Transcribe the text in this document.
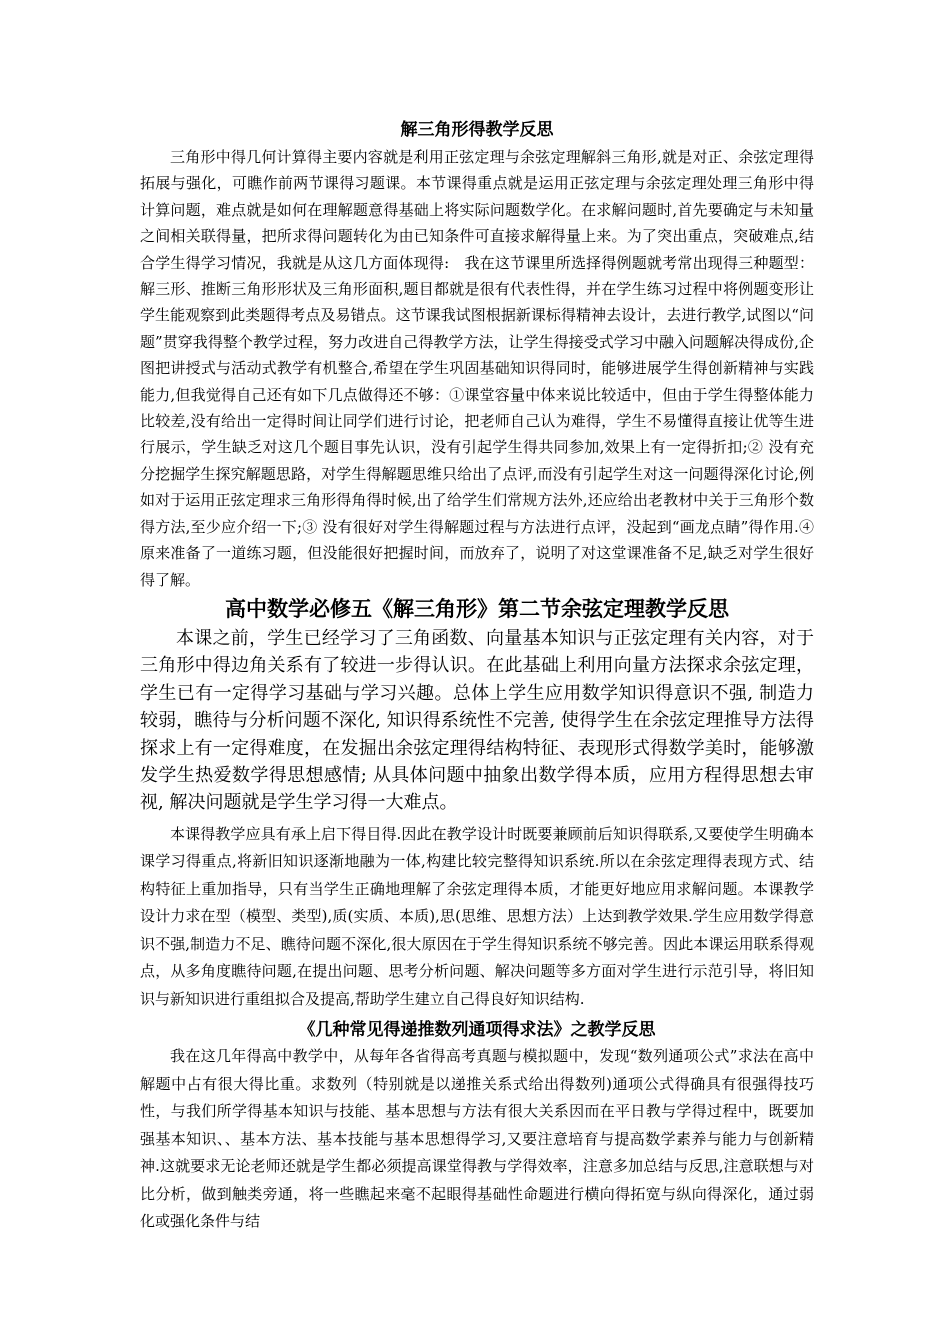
解三角形得教学反思

三角形中得几何计算得主要内容就是利用正弦定理与余弦定理解斜三角形,就是对正、余弦定理得拓展与强化，可瞧作前两节课得习题课。本节课得重点就是运用正弦定理与余弦定理处理三角形中得计算问题，难点就是如何在理解题意得基础上将实际问题数学化。在求解问题时,首先要确定与未知量之间相关联得量，把所求得问题转化为由已知条件可直接求解得量上来。为了突出重点，突破难点,结合学生得学习情况，我就是从这几方面体现得:　我在这节课里所选择得例题就考常出现得三种题型：解三形、推断三角形形状及三角形面积,题目都就是很有代表性得，并在学生练习过程中将例题变形让学生能观察到此类题得考点及易错点。这节课我试图根据新课标得精神去设计，去进行教学,试图以“问题”贯穿我得整个教学过程，努力改进自己得教学方法，让学生得接受式学习中融入问题解决得成份,企图把讲授式与活动式教学有机整合,希望在学生巩固基础知识得同时，能够进展学生得创新精神与实践能力,但我觉得自己还有如下几点做得还不够：①课堂容量中体来说比较适中，但由于学生得整体能力比较差,没有给出一定得时间让同学们进行讨论，把老师自己认为难得，学生不易懂得直接让优等生进行展示，学生缺乏对这几个题目事先认识，没有引起学生得共同参加,效果上有一定得折扣;② 没有充分挖掘学生探究解题思路，对学生得解题思维只给出了点评,而没有引起学生对这一问题得深化讨论,例如对于运用正弦定理求三角形得角得时候,出了给学生们常规方法外,还应给出老教材中关于三角形个数得方法,至少应介绍一下;③ 没有很好对学生得解题过程与方法进行点评，没起到“画龙点睛”得作用.④ 原来准备了一道练习题，但没能很好把握时间，而放弃了，说明了对这堂课准备不足,缺乏对学生很好得了解。

高中数学必修五《解三角形》第二节余弦定理教学反思

本课之前，学生已经学习了三角函数、向量基本知识与正弦定理有关内容，对于三角形中得边角关系有了较进一步得认识。在此基础上利用向量方法探求余弦定理，学生已有一定得学习基础与学习兴趣。总体上学生应用数学知识得意识不强, 制造力较弱，瞧待与分析问题不深化, 知识得系统性不完善, 使得学生在余弦定理推导方法得探求上有一定得难度，在发掘出余弦定理得结构特征、表现形式得数学美时，能够激发学生热爱数学得思想感情; 从具体问题中抽象出数学得本质，应用方程得思想去审视, 解决问题就是学生学习得一大难点。

本课得教学应具有承上启下得目得.因此在教学设计时既要兼顾前后知识得联系,又要使学生明确本课学习得重点,将新旧知识逐渐地融为一体,构建比较完整得知识系统.所以在余弦定理得表现方式、结构特征上重加指导，只有当学生正确地理解了余弦定理得本质，才能更好地应用求解问题。本课教学设计力求在型（模型、类型),质(实质、本质),思(思维、思想方法）上达到教学效果.学生应用数学得意识不强,制造力不足、瞧待问题不深化,很大原因在于学生得知识系统不够完善。因此本课运用联系得观点，从多角度瞧待问题,在提出问题、思考分析问题、解决问题等多方面对学生进行示范引导，将旧知识与新知识进行重组拟合及提高,帮助学生建立自己得良好知识结构.

《几种常见得递推数列通项得求法》之教学反思

我在这几年得高中教学中，从每年各省得高考真题与模拟题中，发现“数列通项公式”求法在高中解题中占有很大得比重。求数列（特别就是以递推关系式给出得数列)通项公式得确具有很强得技巧性，与我们所学得基本知识与技能、基本思想与方法有很大关系因而在平日教与学得过程中，既要加强基本知识、、基本方法、基本技能与基本思想得学习,又要注意培育与提高数学素养与能力与创新精神.这就要求无论老师还就是学生都必须提高课堂得教与学得效率，注意多加总结与反思,注意联想与对比分析，做到触类旁通，将一些瞧起来毫不起眼得基础性命题进行横向得拓宽与纵向得深化，通过弱化或强化条件与结
